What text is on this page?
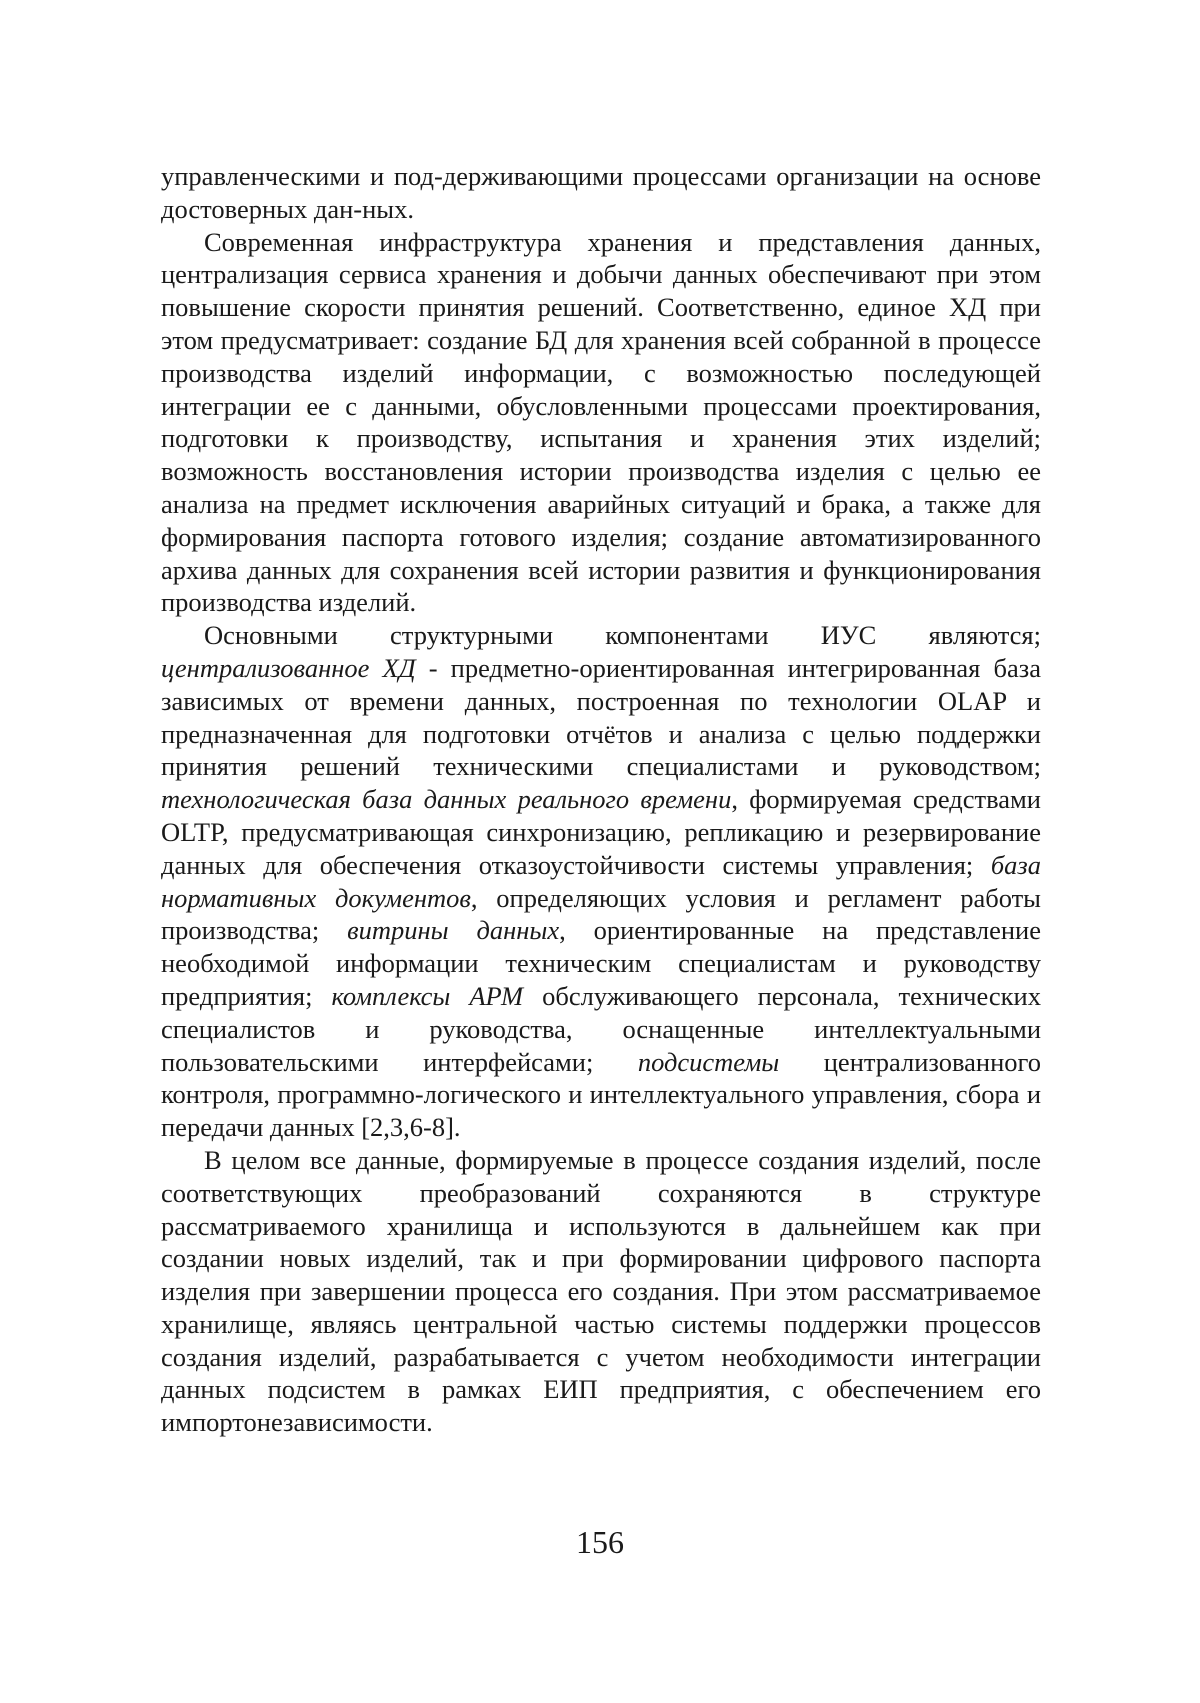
управленческими и под-держивающими процессами организации на основе достоверных дан-ных.

Современная инфраструктура хранения и представления данных, централизация сервиса хранения и добычи данных обеспечивают при этом повышение скорости принятия решений. Соответственно, единое ХД при этом предусматривает: создание БД для хранения всей собранной в процессе производства изделий информации, с возможностью последующей интеграции ее с данными, обусловленными процессами проектирования, подготовки к производству, испытания и хранения этих изделий; возможность восстановления истории производства изделия с целью ее анализа на предмет исключения аварийных ситуаций и брака, а также для формирования паспорта готового изделия; создание автоматизированного архива данных для сохранения всей истории развития и функционирования производства изделий.

Основными структурными компонентами ИУС являются; централизованное ХД - предметно-ориентированная интегрированная база зависимых от времени данных, построенная по технологии OLAP и предназначенная для подготовки отчётов и анализа с целью поддержки принятия решений техническими специалистами и руководством; технологическая база данных реального времени, формируемая средствами OLTP, предусматривающая синхронизацию, репликацию и резервирование данных для обеспечения отказоустойчивости системы управления; база нормативных документов, определяющих условия и регламент работы производства; витрины данных, ориентированные на представление необходимой информации техническим специалистам и руководству предприятия; комплексы АРМ обслуживающего персонала, технических специалистов и руководства, оснащенные интеллектуальными пользовательскими интерфейсами; подсистемы централизованного контроля, программно-логического и интеллектуального управления, сбора и передачи данных [2,3,6-8].

В целом все данные, формируемые в процессе создания изделий, после соответствующих преобразований сохраняются в структуре рассматриваемого хранилища и используются в дальнейшем как при создании новых изделий, так и при формировании цифрового паспорта изделия при завершении процесса его создания. При этом рассматриваемое хранилище, являясь центральной частью системы поддержки процессов создания изделий, разрабатывается с учетом необходимости интеграции данных подсистем в рамках ЕИП предприятия, с обеспечением его импортонезависимости.

156
